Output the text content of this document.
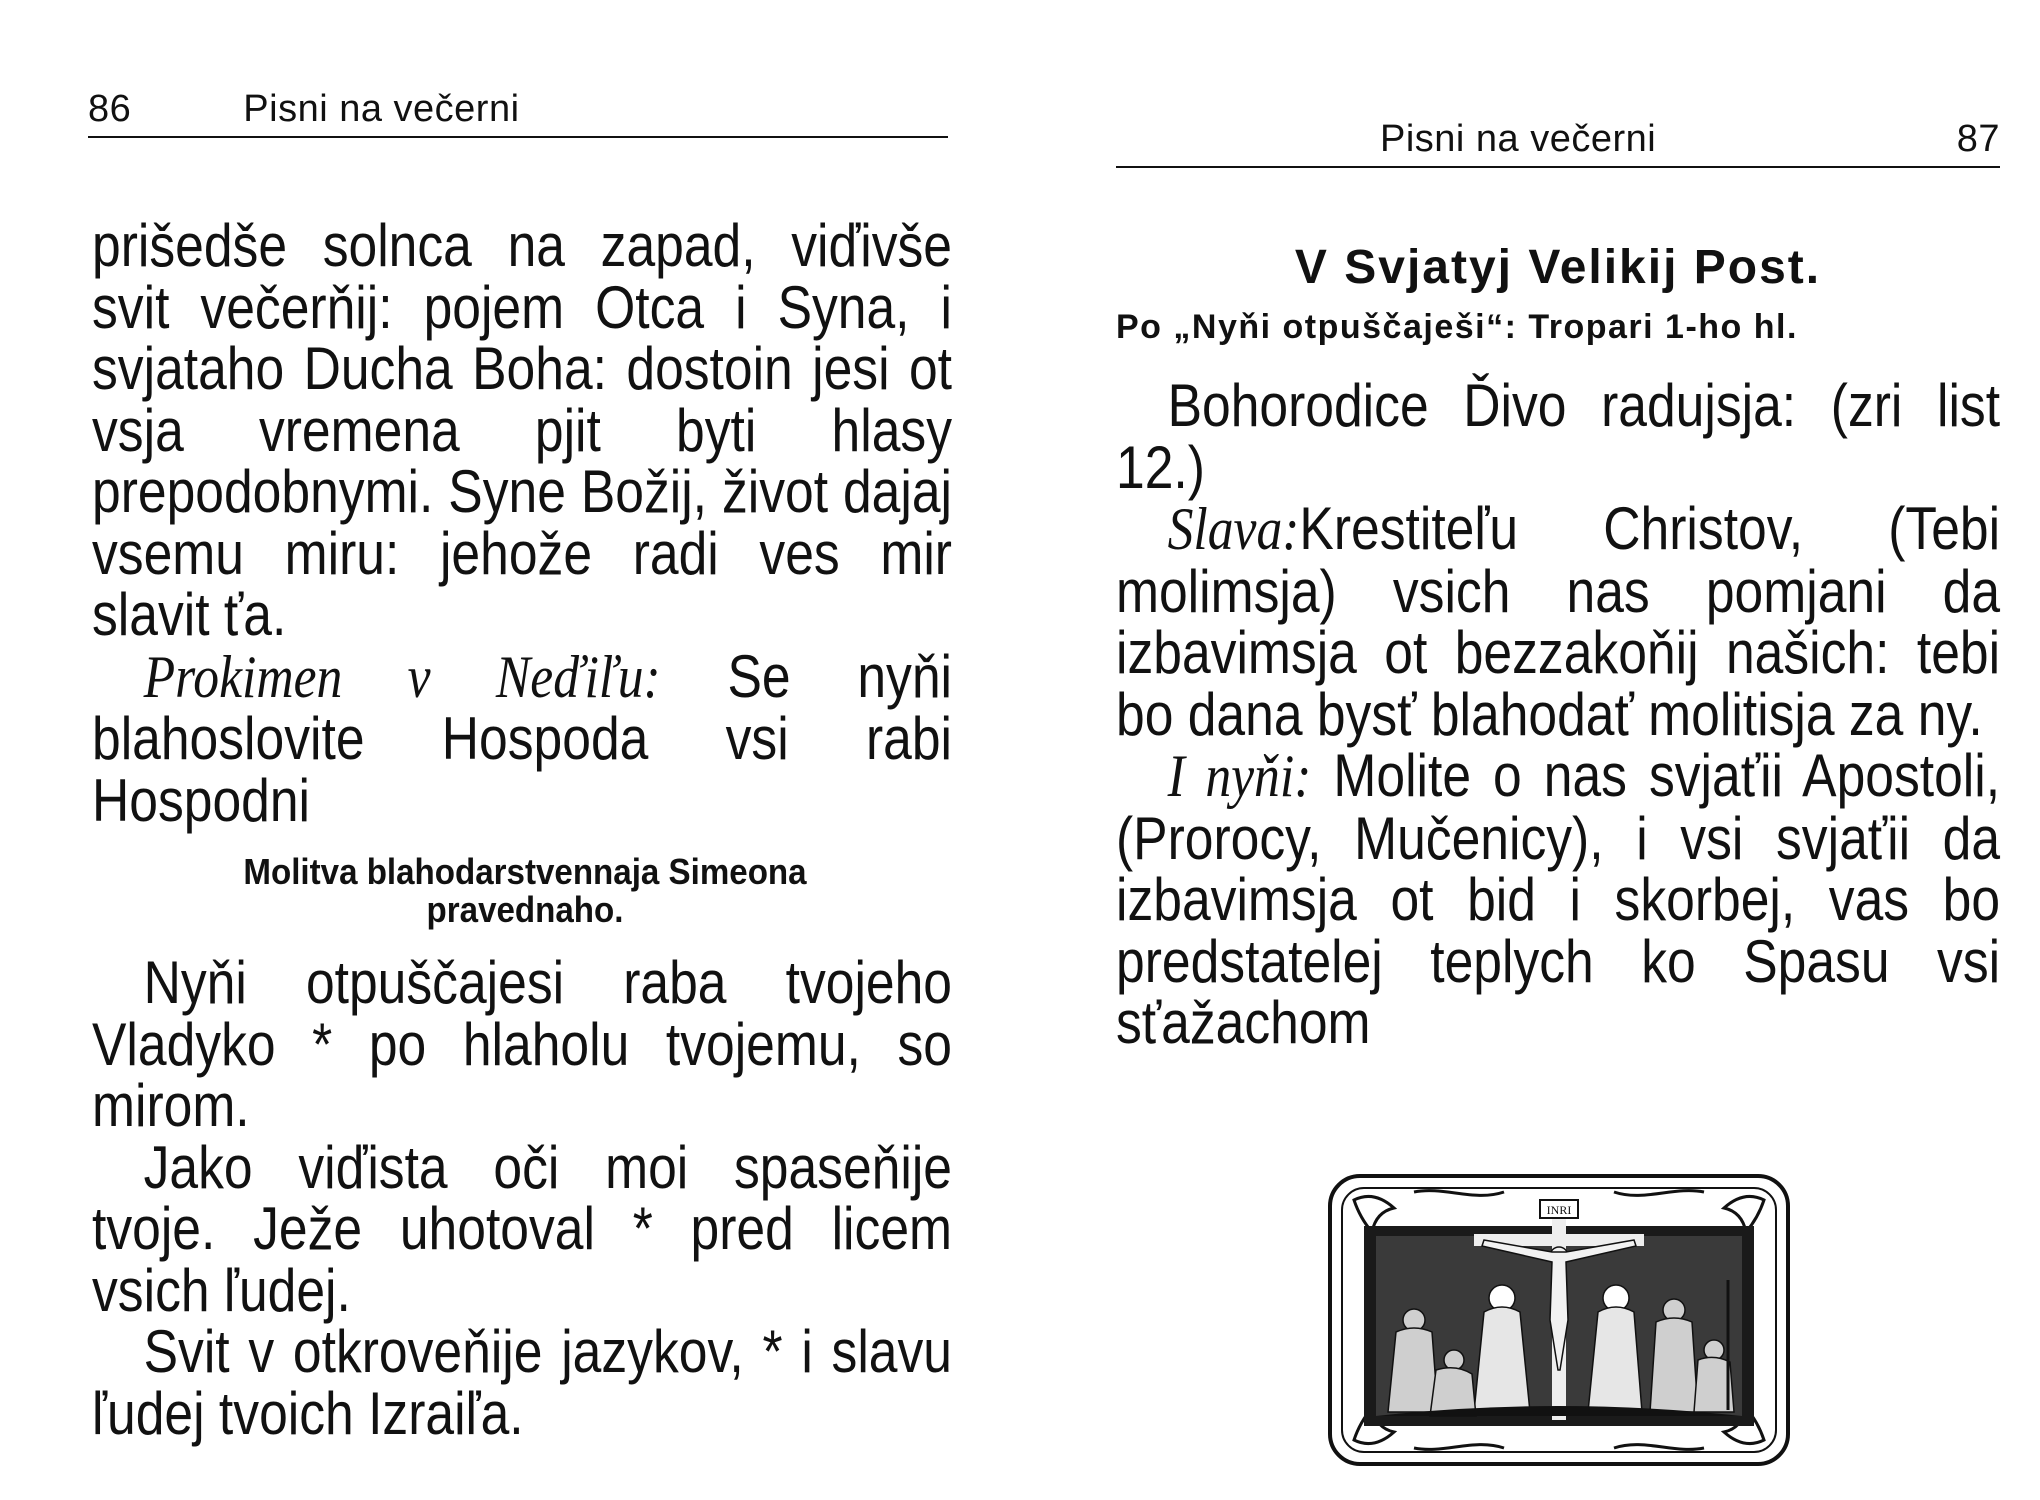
86	Pisni na večerni

prišedše solnca na zapad, viďivše svit večerňij: pojem Otca i Syna, i svjataho Ducha Boha: dostoin jesi ot vsja vremena pjit byti hlasy prepodobnymi. Syne Božij, život dajaj vsemu miru: jehože radi ves mir slavit ťa.

Prokimen v Neďiľu: Se nyňi blahoslovite Hospoda vsi rabi Hospodni

Molitva blahodarstvennaja Simeona pravednaho.

Nyňi otpuščajesi raba tvojeho Vladyko * po hlaholu tvojemu, so mirom.

Jako viďista oči moi spaseňije tvoje. Ježe uhotoval * pred licem vsich ľudej.

Svit v otkroveňije jazykov, * i slavu ľudej tvoich Izraiľa.

Pisni na večerni	87
V Svjatyj Velikij Post.
Po „Nyňi otpuščaješi“: Tropari 1-ho hl.

Bohorodice Ďivo radujsja: (zri list 12.)

Slava:Krestiteľu Christov, (Tebi molimsja) vsich nas pomjani da izbavimsja ot bezzakoňij našich: tebi bo dana bysť blahodať molitisja za ny.

I nyňi: Molite o nas svjaťii Apostoli, (Prorocy, Mučenicy), i vsi svjaťii da izbavimsja ot bid i skorbej, vas bo predstatelej teplych ko Spasu vsi sťažachom

INRI
